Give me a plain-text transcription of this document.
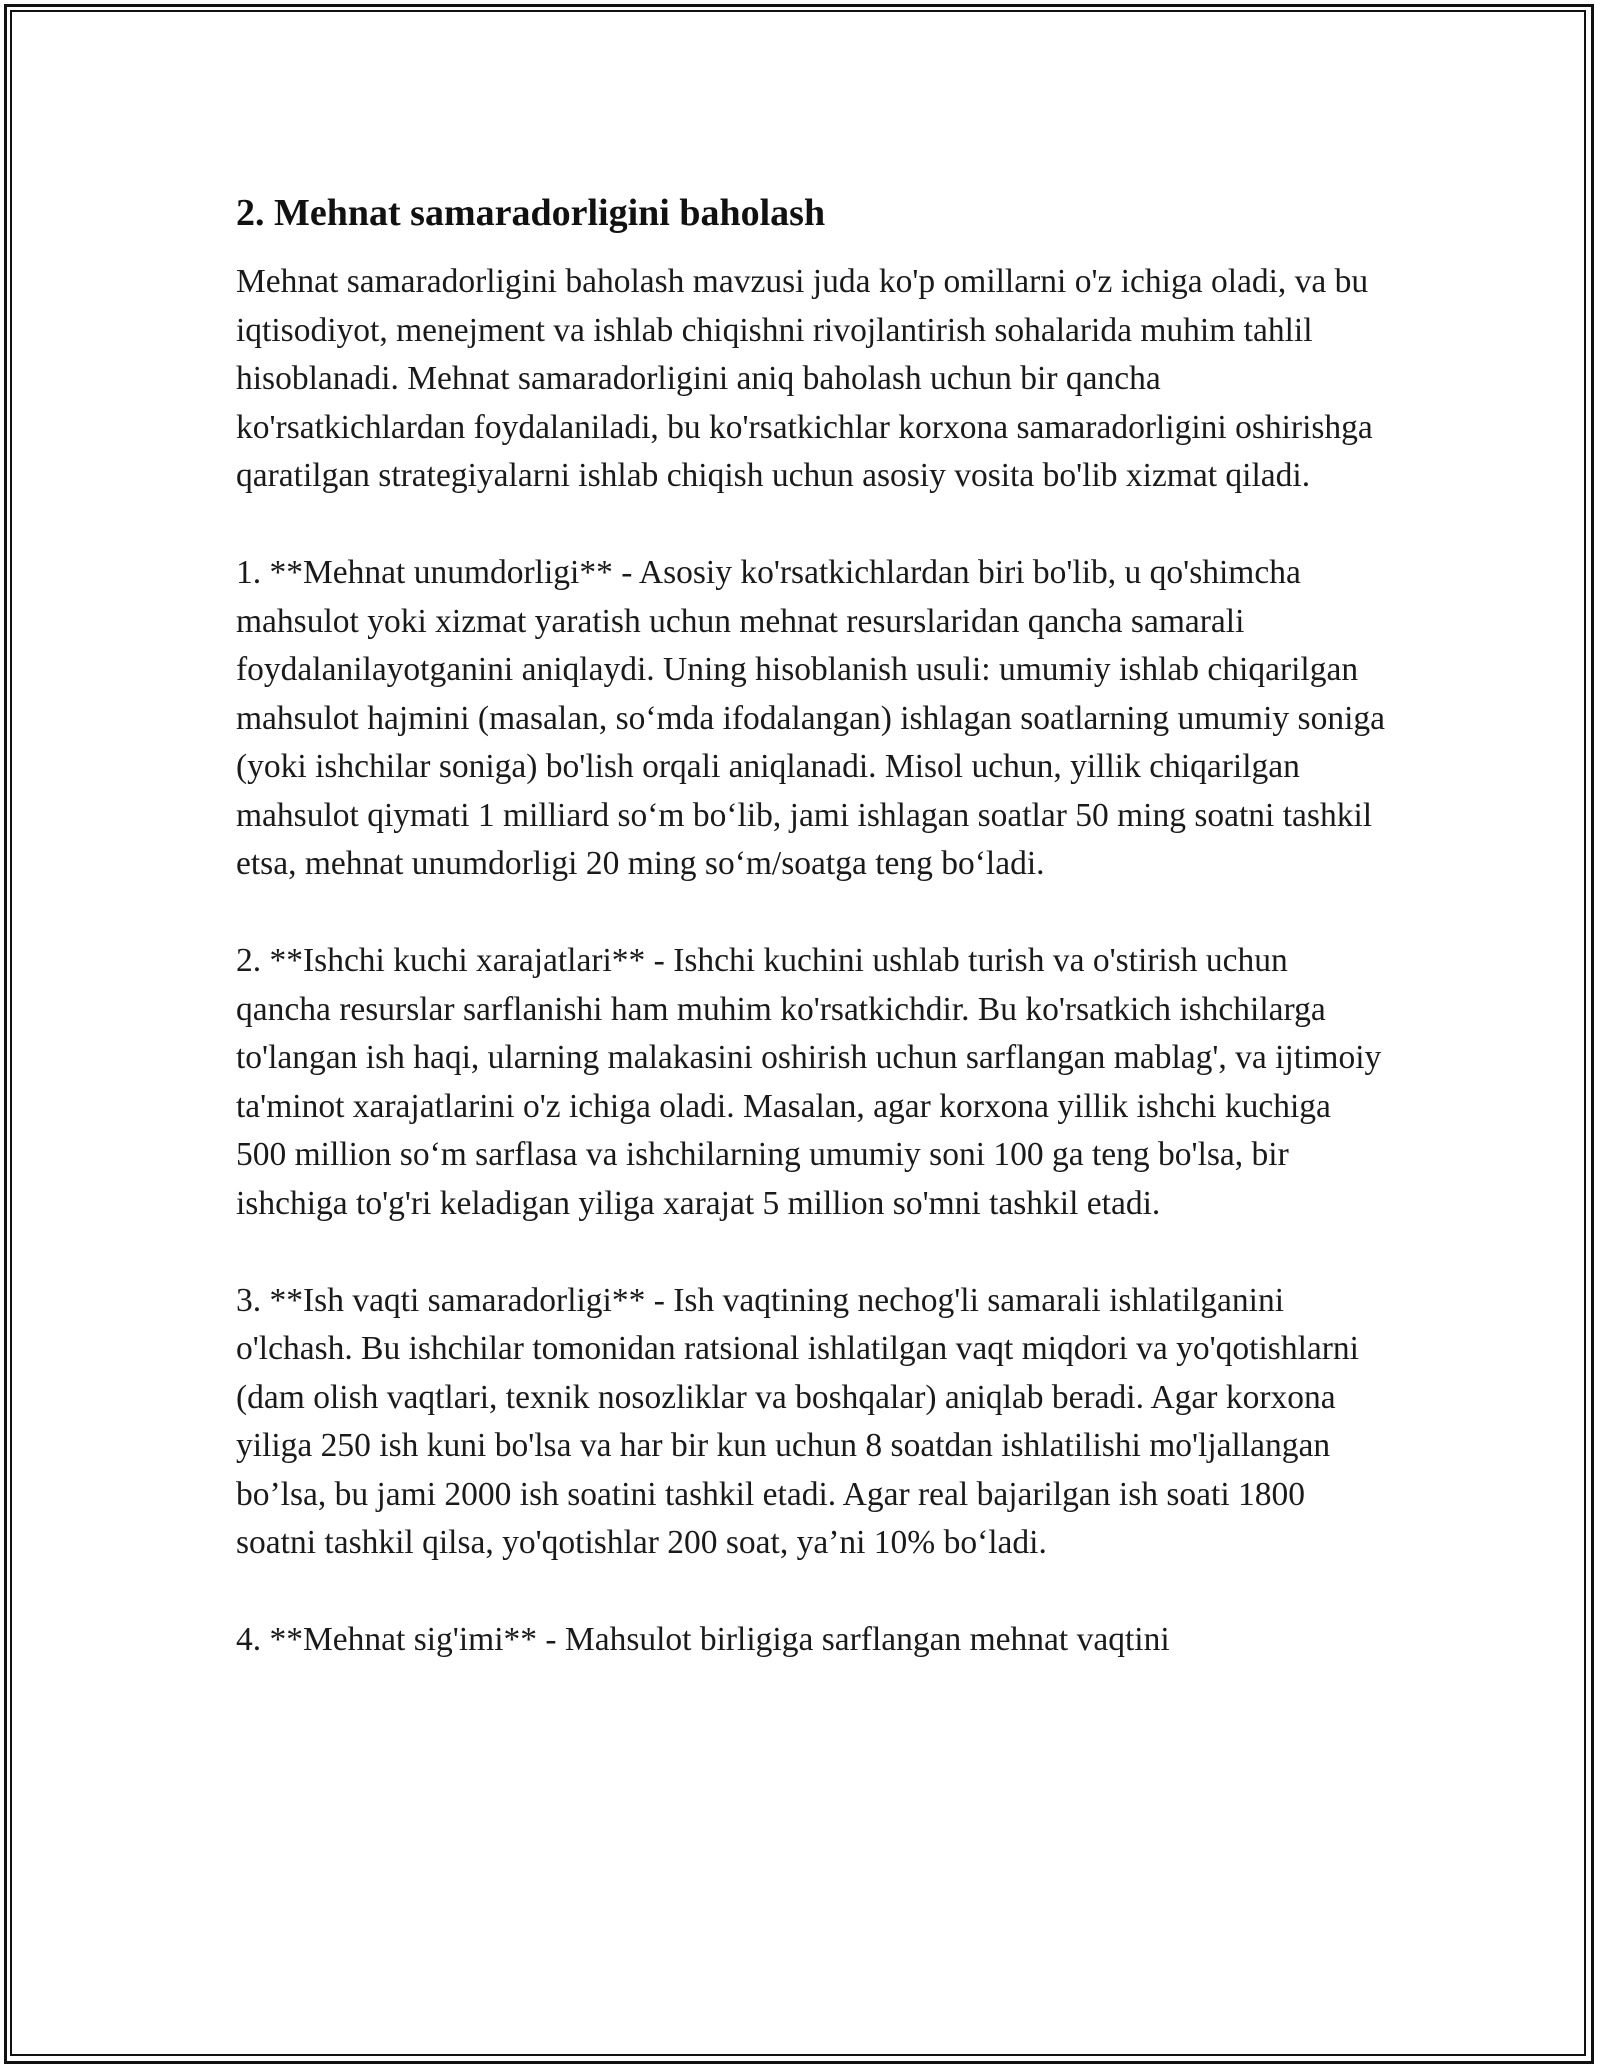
2. Mehnat samaradorligini baholash

Mehnat samaradorligini baholash mavzusi juda ko'p omillarni o'z ichiga oladi, va bu iqtisodiyot, menejment va ishlab chiqishni rivojlantirish sohalarida muhim tahlil hisoblanadi. Mehnat samaradorligini aniq baholash uchun bir qancha ko'rsatkichlardan foydalaniladi, bu ko'rsatkichlar korxona samaradorligini oshirishga qaratilgan strategiyalarni ishlab chiqish uchun asosiy vosita bo'lib xizmat qiladi.

1. **Mehnat unumdorligi** - Asosiy ko'rsatkichlardan biri bo'lib, u qo'shimcha mahsulot yoki xizmat yaratish uchun mehnat resurslaridan qancha samarali foydalanilayotganini aniqlaydi. Uning hisoblanish usuli: umumiy ishlab chiqarilgan mahsulot hajmini (masalan, so‘mda ifodalangan) ishlagan soatlarning umumiy soniga (yoki ishchilar soniga) bo'lish orqali aniqlanadi. Misol uchun, yillik chiqarilgan mahsulot qiymati 1 milliard so‘m bo‘lib, jami ishlagan soatlar 50 ming soatni tashkil etsa, mehnat unumdorligi 20 ming so‘m/soatga teng bo‘ladi.

2. **Ishchi kuchi xarajatlari** - Ishchi kuchini ushlab turish va o'stirish uchun qancha resurslar sarflanishi ham muhim ko'rsatkichdir. Bu ko'rsatkich ishchilarga to'langan ish haqi, ularning malakasini oshirish uchun sarflangan mablag', va ijtimoiy ta'minot xarajatlarini o'z ichiga oladi. Masalan, agar korxona yillik ishchi kuchiga 500 million so‘m sarflasa va ishchilarning umumiy soni 100 ga teng bo'lsa, bir ishchiga to'g'ri keladigan yiliga xarajat 5 million so'mni tashkil etadi.

3. **Ish vaqti samaradorligi** - Ish vaqtining nechog'li samarali ishlatilganini o'lchash. Bu ishchilar tomonidan ratsional ishlatilgan vaqt miqdori va yo'qotishlarni (dam olish vaqtlari, texnik nosozliklar va boshqalar) aniqlab beradi. Agar korxona yiliga 250 ish kuni bo'lsa va har bir kun uchun 8 soatdan ishlatilishi mo'ljallangan bo’lsa, bu jami 2000 ish soatini tashkil etadi. Agar real bajarilgan ish soati 1800 soatni tashkil qilsa, yo'qotishlar 200 soat, ya’ni 10% bo‘ladi.

4. **Mehnat sig'imi** - Mahsulot birligiga sarflangan mehnat vaqtini
